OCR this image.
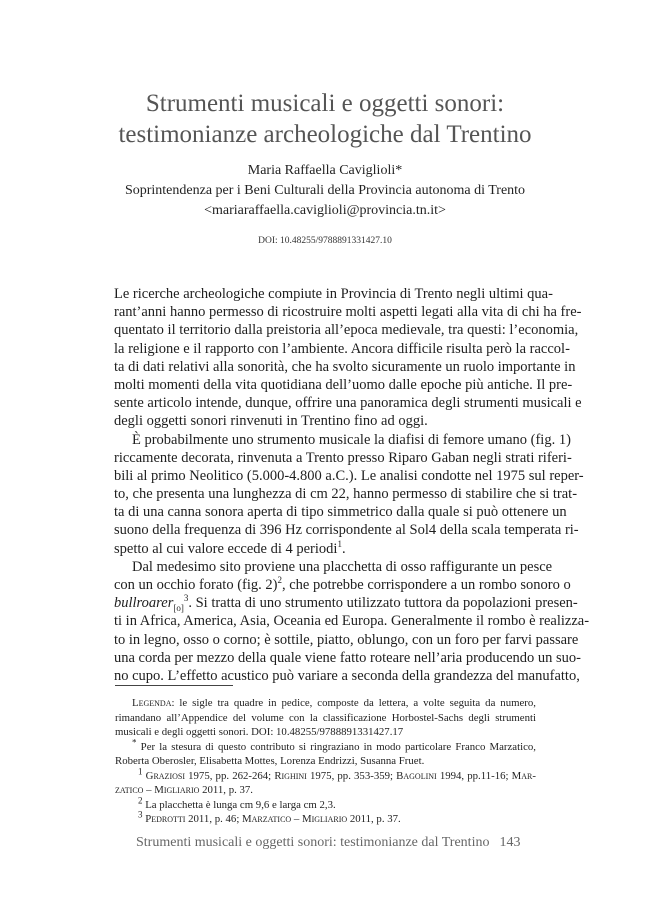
Strumenti musicali e oggetti sonori:
testimonianze archeologiche dal Trentino
Maria Raffaella Caviglioli*
Soprintendenza per i Beni Culturali della Provincia autonoma di Trento
<mariaraffaella.caviglioli@provincia.tn.it>
DOI: 10.48255/9788891331427.10
Le ricerche archeologiche compiute in Provincia di Trento negli ultimi qua-
rant’anni hanno permesso di ricostruire molti aspetti legati alla vita di chi ha fre-
quentato il territorio dalla preistoria all’epoca medievale, tra questi: l’economia,
la religione e il rapporto con l’ambiente. Ancora difficile risulta però la raccol-
ta di dati relativi alla sonorità, che ha svolto sicuramente un ruolo importante in
molti momenti della vita quotidiana dell’uomo dalle epoche più antiche. Il pre-
sente articolo intende, dunque, offrire una panoramica degli strumenti musicali e
degli oggetti sonori rinvenuti in Trentino fino ad oggi.
È probabilmente uno strumento musicale la diafisi di femore umano (fig. 1)
riccamente decorata, rinvenuta a Trento presso Riparo Gaban negli strati riferi-
bili al primo Neolitico (5.000-4.800 a.C.). Le analisi condotte nel 1975 sul reper-
to, che presenta una lunghezza di cm 22, hanno permesso di stabilire che si trat-
ta di una canna sonora aperta di tipo simmetrico dalla quale si può ottenere un
suono della frequenza di 396 Hz corrispondente al Sol4 della scala temperata ri-
spetto al cui valore eccede di 4 periodi$^1$.
Dal medesimo sito proviene una placchetta di osso raffigurante un pesce
con un occhio forato (fig. 2)$^2$, che potrebbe corrispondere a un rombo sonoro o
bullroarer$_{[o]}^3$. Si tratta di uno strumento utilizzato tuttora da popolazioni presen-
ti in Africa, America, Asia, Oceania ed Europa. Generalmente il rombo è realizza-
to in legno, osso o corno; è sottile, piatto, oblungo, con un foro per farvi passare
una corda per mezzo della quale viene fatto roteare nell’aria producendo un suo-
no cupo. L’effetto acustico può variare a seconda della grandezza del manufatto,
Legenda: le sigle tra quadre in pedice, composte da lettera, a volte seguita da numero,
rimandano all’Appendice del volume con la classificazione Horbostel-Sachs degli strumenti
musicali e degli oggetti sonori. DOI: 10.48255/9788891331427.17
* Per la stesura di questo contributo si ringraziano in modo particolare Franco Marzatico,
Roberta Oberosler, Elisabetta Mottes, Lorenza Endrizzi, Susanna Fruet.
$^1$ Graziosi 1975, pp. 262-264; Righini 1975, pp. 353-359; Bagolini 1994, pp.11-16; Mar-
zatico – Migliario 2011, p. 37.
$^2$ La placchetta è lunga cm 9,6 e larga cm 2,3.
$^3$ Pedrotti 2011, p. 46; Marzatico – Migliario 2011, p. 37.
Strumenti musicali e oggetti sonori: testimonianze dal Trentino 143
